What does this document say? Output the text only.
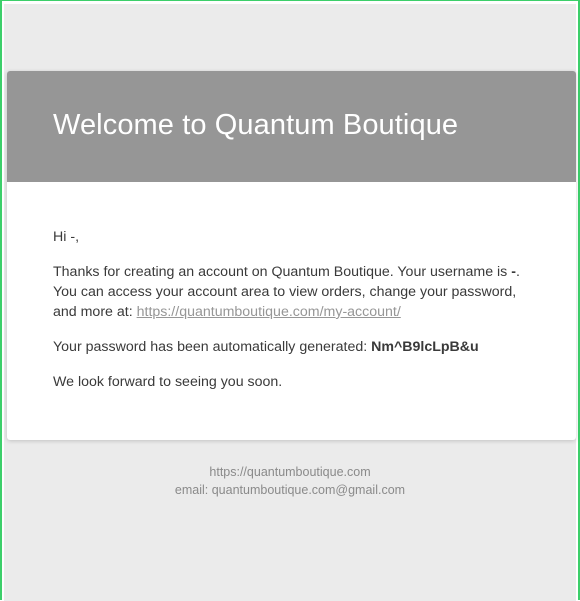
Welcome to Quantum Boutique

Hi -,

Thanks for creating an account on Quantum Boutique. Your username is -. You can access your account area to view orders, change your password, and more at: https://quantumboutique.com/my-account/

Your password has been automatically generated: Nm^B9lcLpB&u

We look forward to seeing you soon.

https://quantumboutique.com
email: quantumboutique.com@gmail.com
